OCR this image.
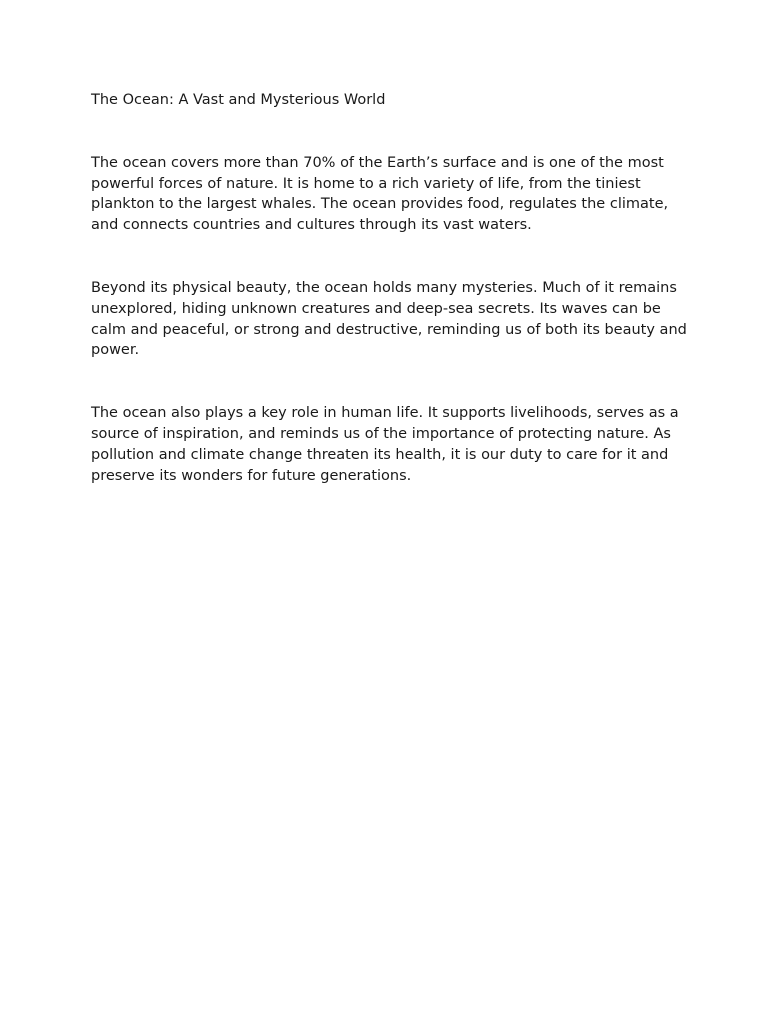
The Ocean: A Vast and Mysterious World

The ocean covers more than 70% of the Earth’s surface and is one of the most powerful forces of nature. It is home to a rich variety of life, from the tiniest plankton to the largest whales. The ocean provides food, regulates the climate, and connects countries and cultures through its vast waters.

Beyond its physical beauty, the ocean holds many mysteries. Much of it remains unexplored, hiding unknown creatures and deep-sea secrets. Its waves can be calm and peaceful, or strong and destructive, reminding us of both its beauty and power.

The ocean also plays a key role in human life. It supports livelihoods, serves as a source of inspiration, and reminds us of the importance of protecting nature. As pollution and climate change threaten its health, it is our duty to care for it and preserve its wonders for future generations.
